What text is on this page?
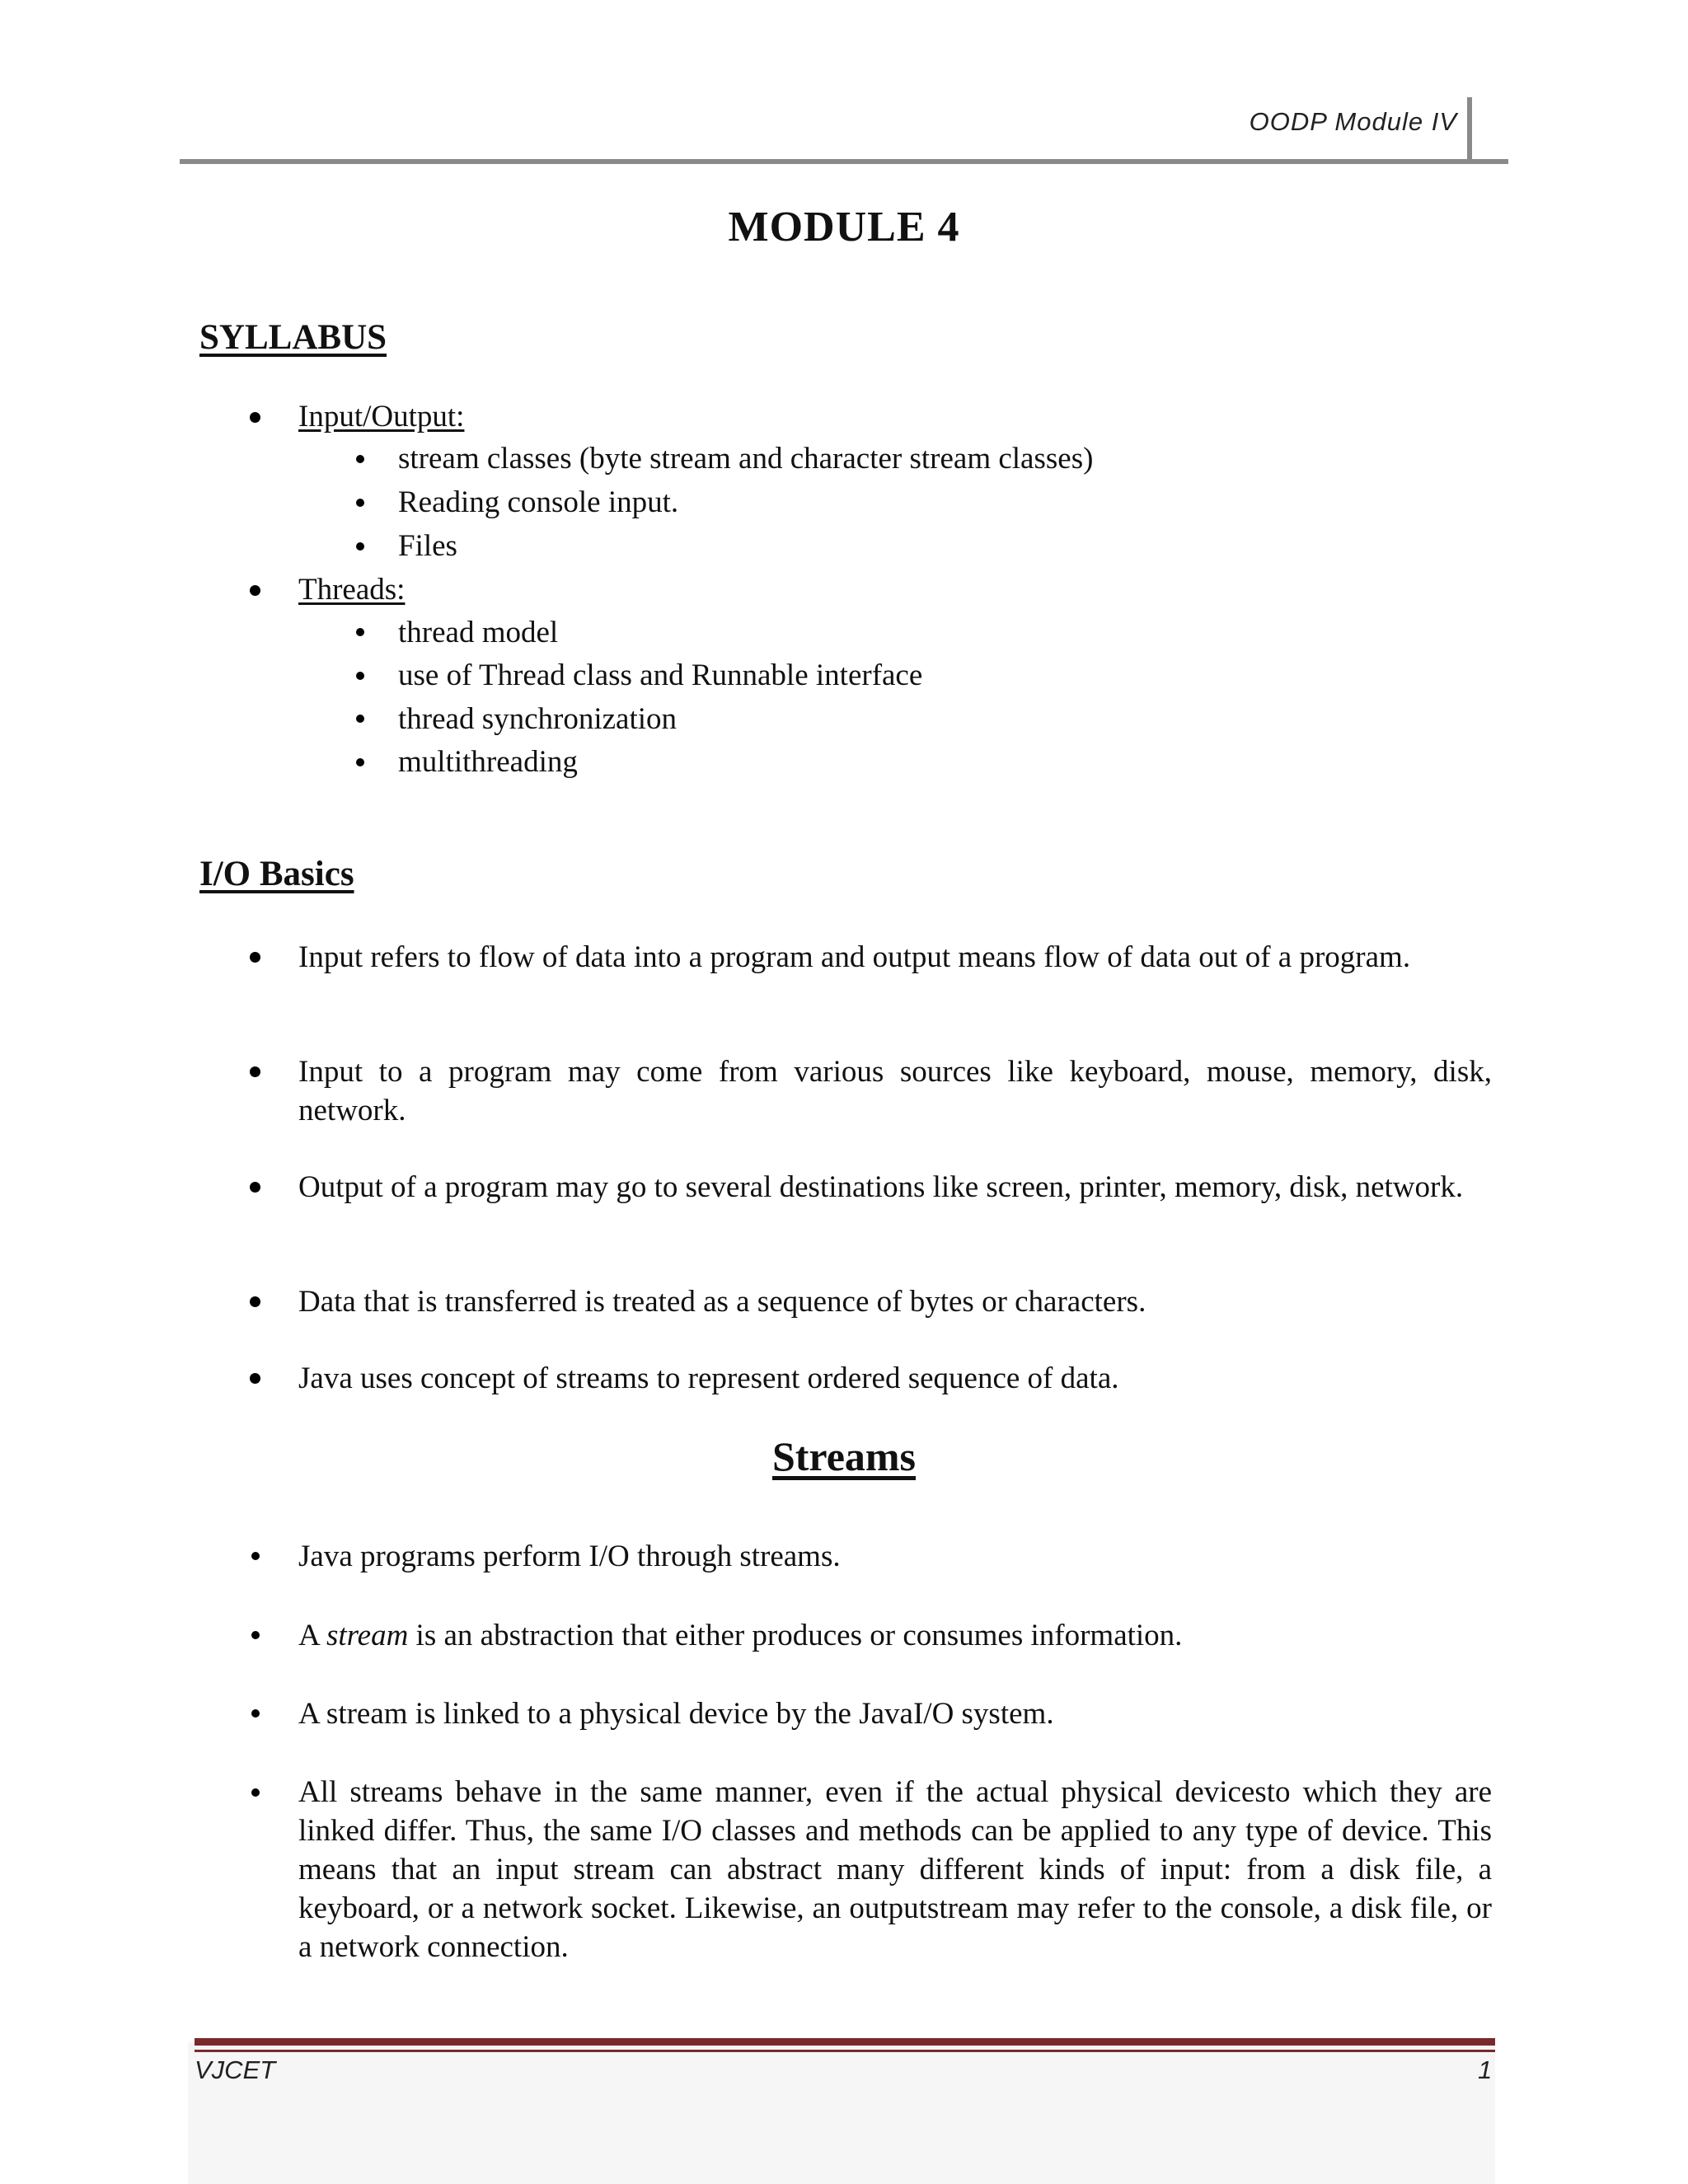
OODP Module IV
MODULE 4
SYLLABUS
Input/Output:
stream classes (byte stream and character stream classes)
Reading console input.
Files
Threads:
thread model
use of Thread class and Runnable interface
thread synchronization
multithreading
I/O Basics
Input refers to flow of data into a program and output means flow of data out of a program.
Input to a program may come from various sources like keyboard, mouse, memory, disk, network.
Output of a program may go to several destinations like screen, printer, memory, disk, network.
Data that is transferred is treated as a sequence of bytes or characters.
Java uses concept of streams to represent ordered sequence of data.
Streams
Java programs perform I/O through streams.
A stream is an abstraction that either produces or consumes information.
A stream is linked to a physical device by the JavaI/O system.
All streams behave in the same manner, even if the actual physical devicesto which they are linked differ. Thus, the same I/O classes and methods can be applied to any type of device. This means that an input stream can abstract many different kinds of input: from a disk file, a keyboard, or a network socket. Likewise, an outputstream may refer to the console, a disk file, or a network connection.
VJCET	1
